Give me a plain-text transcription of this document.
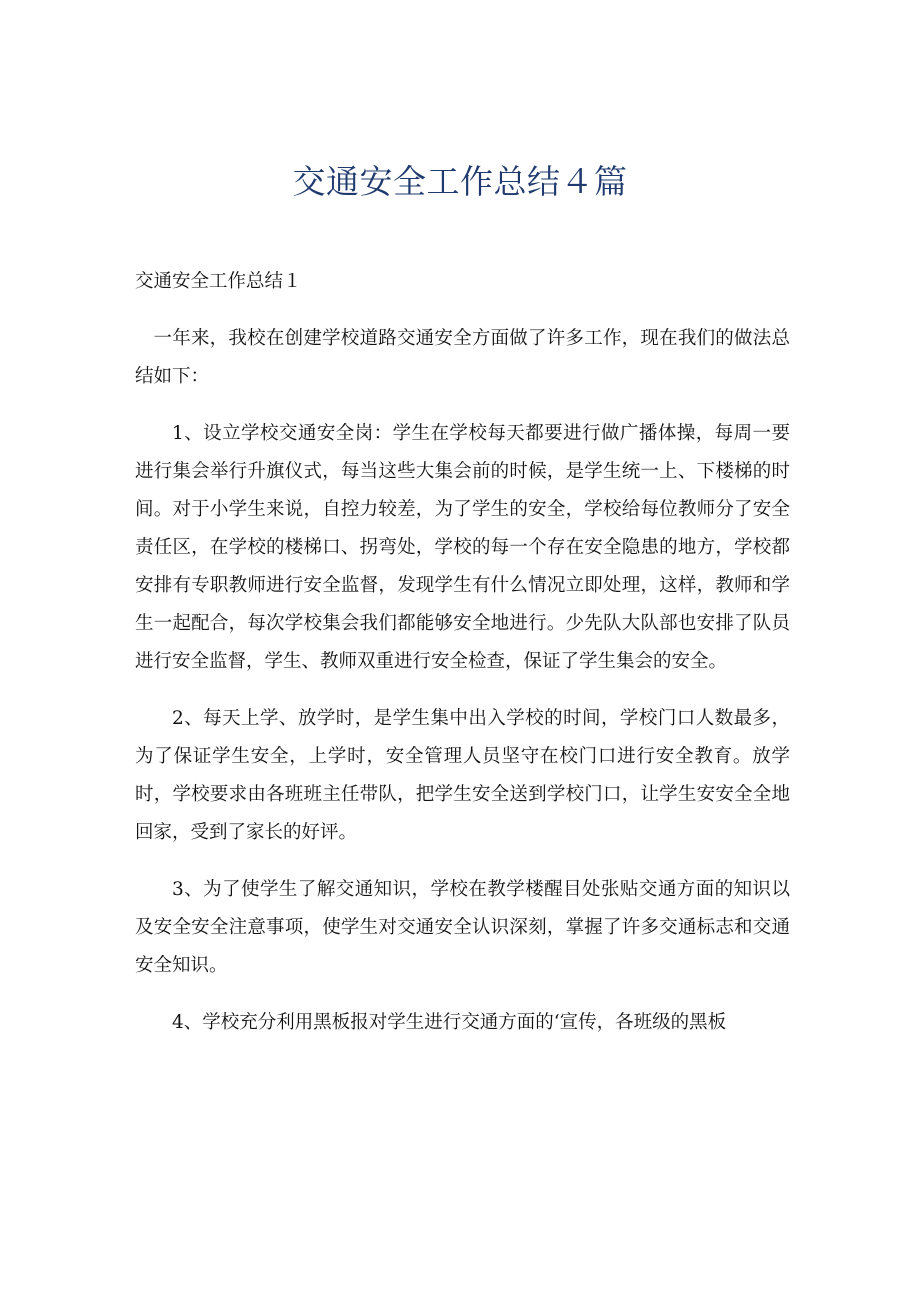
交通安全工作总结４篇

交通安全工作总结１

一年来，我校在创建学校道路交通安全方面做了许多工作，现在我们的做法总结如下：

1、设立学校交通安全岗：学生在学校每天都要进行做广播体操，每周一要进行集会举行升旗仪式，每当这些大集会前的时候，是学生统一上、下楼梯的时间。对于小学生来说，自控力较差，为了学生的安全，学校给每位教师分了安全责任区，在学校的楼梯口、拐弯处，学校的每一个存在安全隐患的地方，学校都安排有专职教师进行安全监督，发现学生有什么情况立即处理，这样，教师和学生一起配合，每次学校集会我们都能够安全地进行。少先队大队部也安排了队员进行安全监督，学生、教师双重进行安全检查，保证了学生集会的安全。

2、每天上学、放学时，是学生集中出入学校的时间，学校门口人数最多，为了保证学生安全，上学时，安全管理人员坚守在校门口进行安全教育。放学时，学校要求由各班班主任带队，把学生安全送到学校门口，让学生安安全全地回家，受到了家长的好评。

3、为了使学生了解交通知识，学校在教学楼醒目处张贴交通方面的知识以及安全安全注意事项，使学生对交通安全认识深刻，掌握了许多交通标志和交通安全知识。

4、学校充分利用黑板报对学生进行交通方面的‘宣传，各班级的黑板
